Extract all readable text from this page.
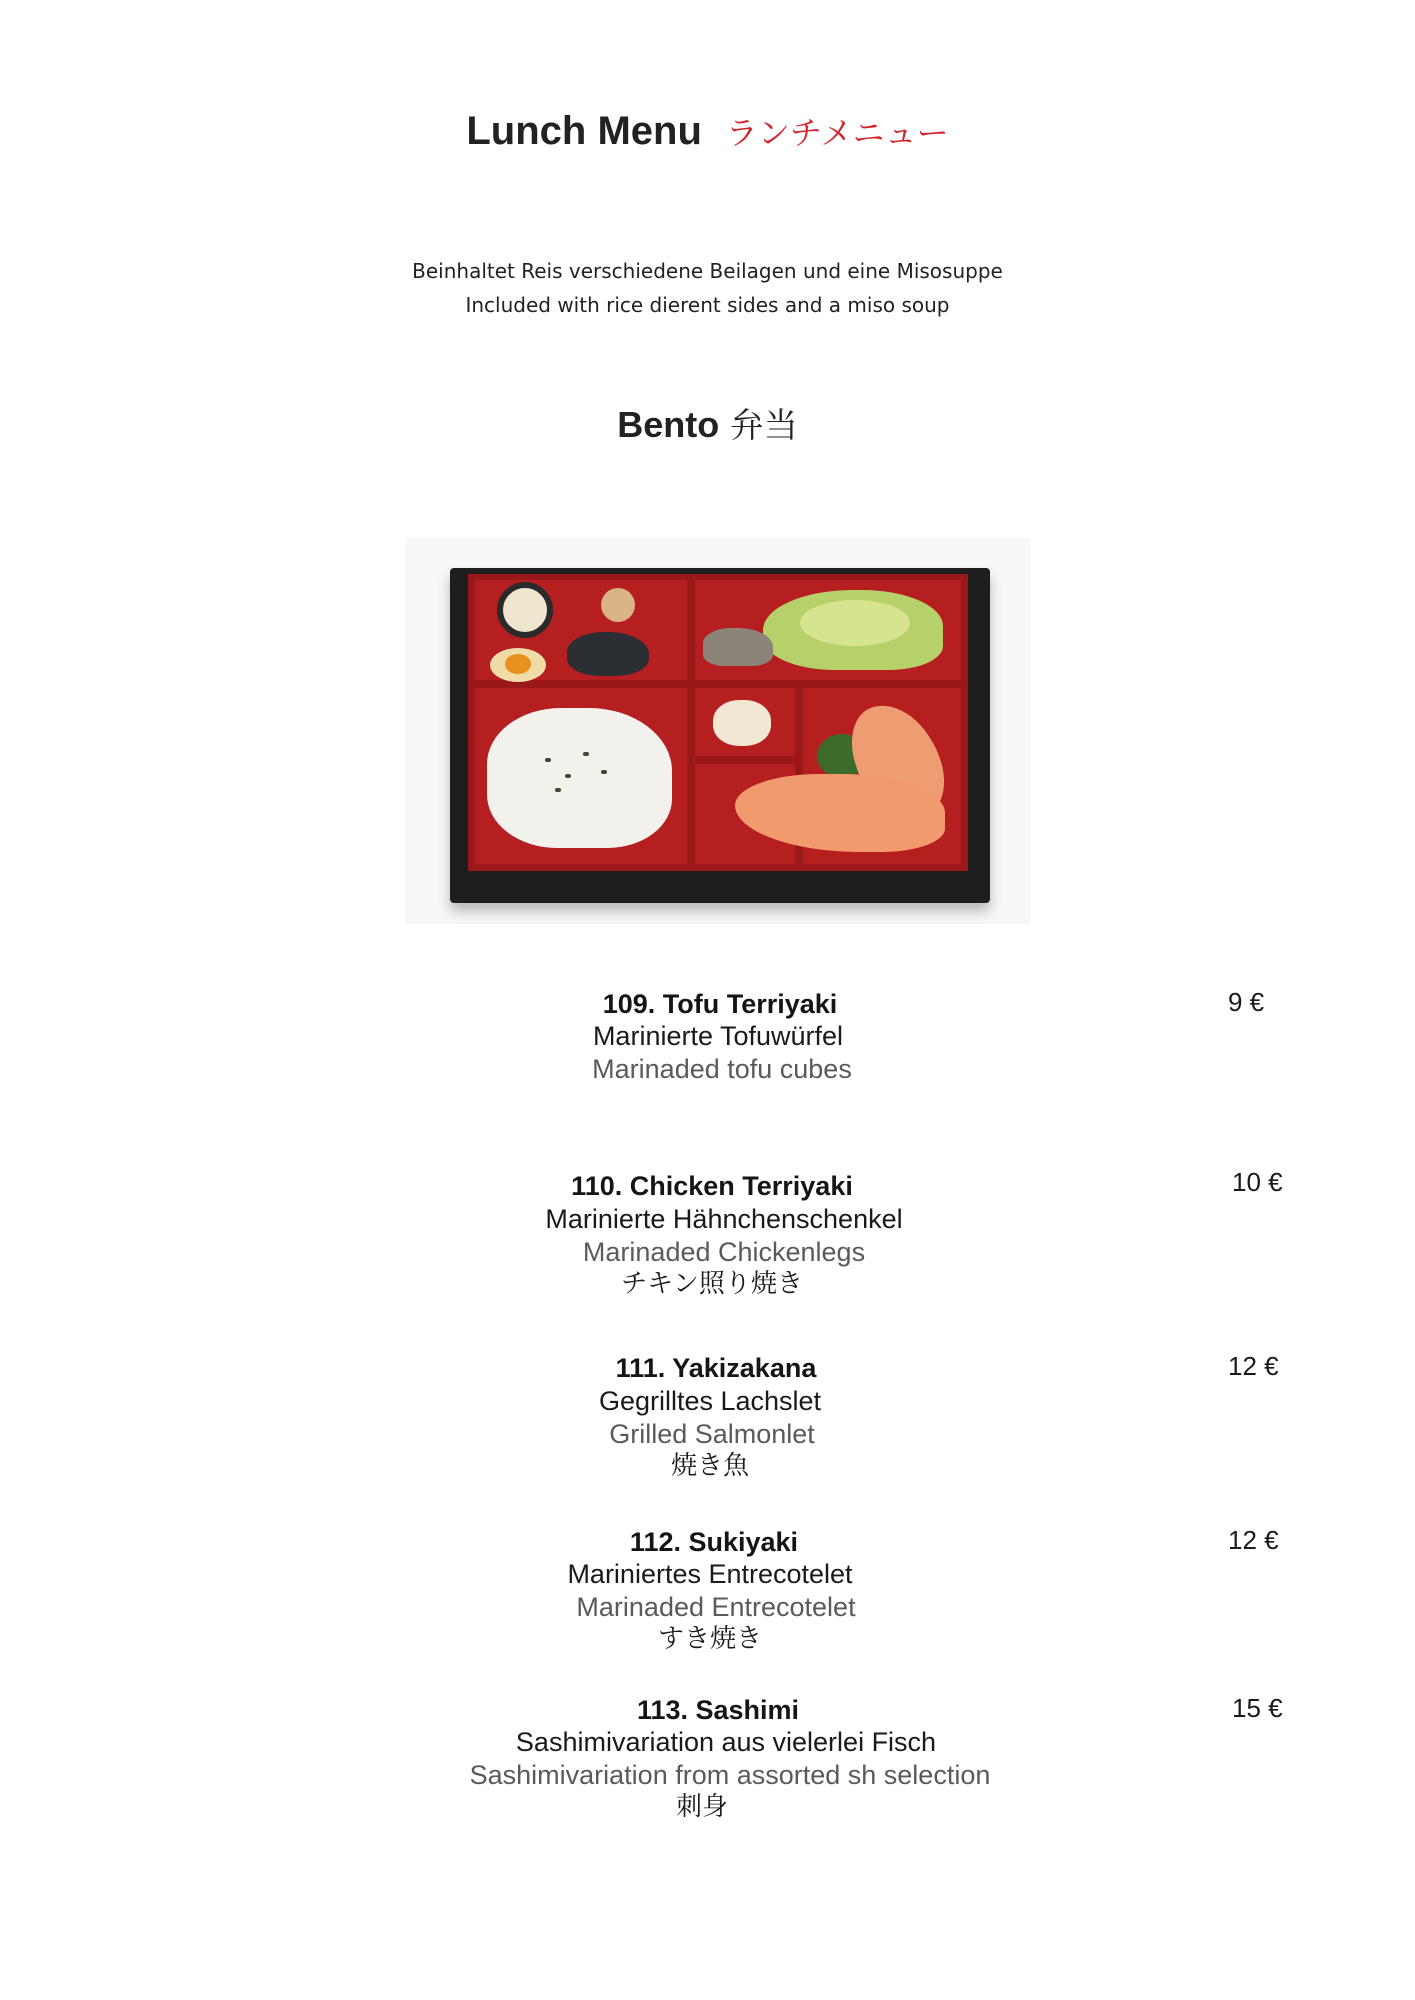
Lunch Menu ランチメニュー
Beinhaltet Reis verschiedene Beilagen und eine Misosuppe
Included with rice dierent sides and a miso soup
Bento 弁当
109. Tofu Terriyaki
Marinierte Tofuwürfel
Marinaded tofu cubes
9 €
110. Chicken Terriyaki
Marinierte Hähnchenschenkel
Marinaded Chickenlegs
チキン照り焼き
10 €
111. Yakizakana
Gegrilltes Lachslet
Grilled Salmonlet
焼き魚
12 €
112. Sukiyaki
Mariniertes Entrecotelet
Marinaded Entrecotelet
すき焼き
12 €
113. Sashimi
Sashimivariation aus vielerlei Fisch
Sashimivariation from assorted sh selection
刺身
15 €
